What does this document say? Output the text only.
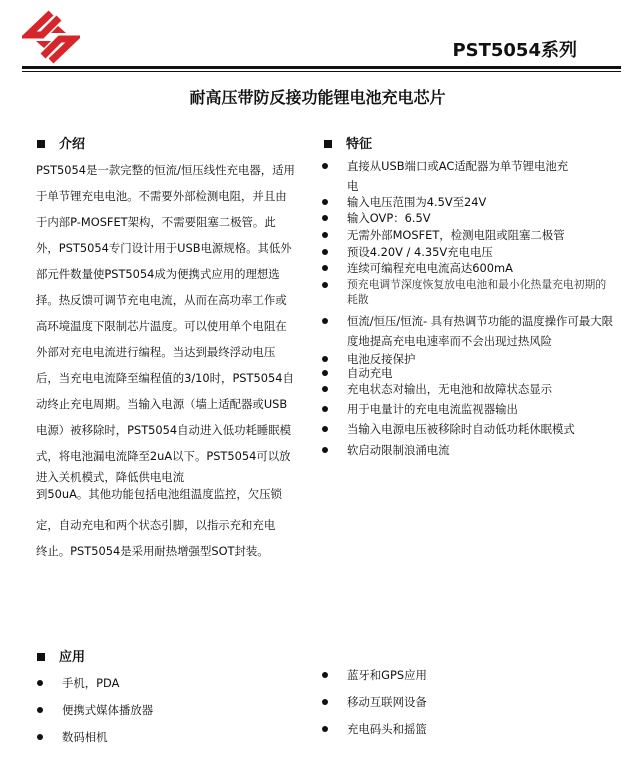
PST5054系列
耐高压带防反接功能锂电池充电芯片
介绍
PST5054是一款完整的恒流/恒压线性充电器，适用
于单节锂充电电池。不需要外部检测电阻，并且由
于内部P-MOSFET架构，不需要阻塞二极管。此
外，PST5054专门设计用于USB电源规格。其低外
部元件数量使PST5054成为便携式应用的理想选
择。热反馈可调节充电电流，从而在高功率工作或
高环境温度下限制芯片温度。可以使用单个电阻在
外部对充电电流进行编程。当达到最终浮动电压
后，当充电电流降至编程值的3/10时，PST5054自
动终止充电周期。当输入电源（墙上适配器或USB
电源）被移除时，PST5054自动进入低功耗睡眠模
式，将电池漏电流降至2uA以下。PST5054可以放
进入关机模式，降低供电电流
到50uA。其他功能包括电池组温度监控，欠压锁
定，自动充电和两个状态引脚，以指示充和充电
终止。PST5054是采用耐热增强型SOT封装。
特征
直接从USB端口或AC适配器为单节锂电池充
电
输入电压范围为4.5V至24V
输入OVP：6.5V
无需外部MOSFET，检测电阻或阻塞二极管
预设4.20V / 4.35V充电电压
连续可编程充电电流高达600mA
预充电调节深度恢复放电电池和最小化热量充电初期的
耗散
恒流/恒压/恒流- 具有热调节功能的温度操作可最大限
度地提高充电电速率而不会出现过热风险
电池反接保护
自动充电
充电状态对输出，无电池和故障状态显示
用于电量计的充电电流监视器输出
当输入电源电压被移除时自动低功耗休眠模式
软启动限制浪涌电流
应用
手机，PDA
便携式媒体播放器
数码相机
蓝牙和GPS应用
移动互联网设备
充电码头和摇篮
